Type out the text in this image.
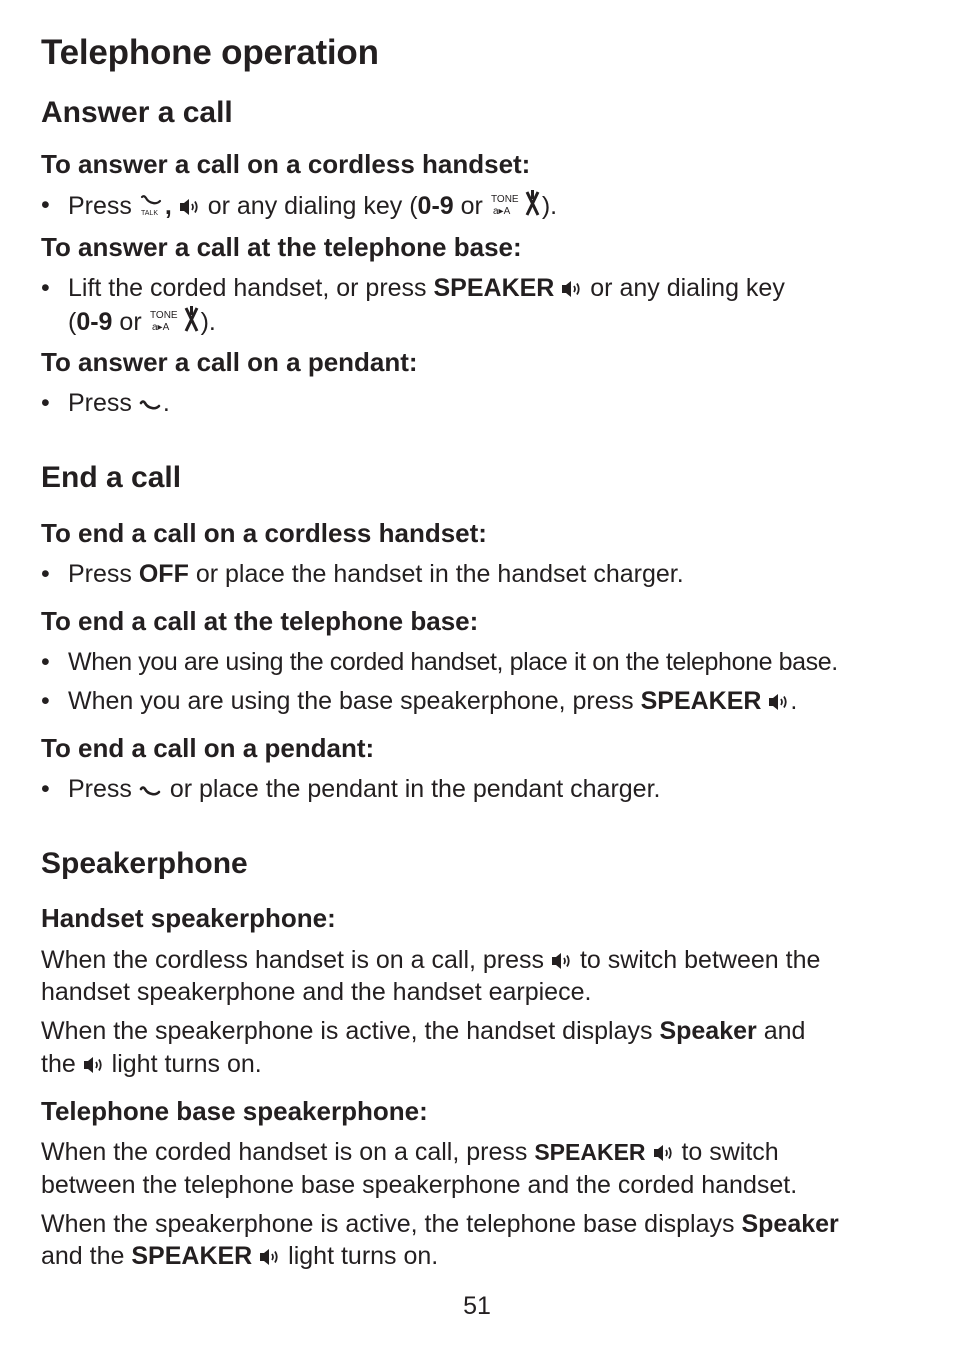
Telephone operation
Answer a call
To answer a call on a cordless handset:
• Press TALK , or any dialing key (0-9 or TONE
a▸A ).
To answer a call at the telephone base:
• Lift the corded handset, or press SPEAKER or any dialing key
(0-9 or TONE
a▸A ).
To answer a call on a pendant:
• Press .
End a call
To end a call on a cordless handset:
• Press OFF or place the handset in the handset charger.
To end a call at the telephone base:
• When you are using the corded handset, place it on the telephone base.
• When you are using the base speakerphone, press SPEAKER .
To end a call on a pendant:
• Press or place the pendant in the pendant charger.
Speakerphone
Handset speakerphone:
When the cordless handset is on a call, press to switch between the
handset speakerphone and the handset earpiece.
When the speakerphone is active, the handset displays Speaker and
the light turns on.
Telephone base speakerphone:
When the corded handset is on a call, press SPEAKER to switch
between the telephone base speakerphone and the corded handset.
When the speakerphone is active, the telephone base displays Speaker
and the SPEAKER light turns on.
51
